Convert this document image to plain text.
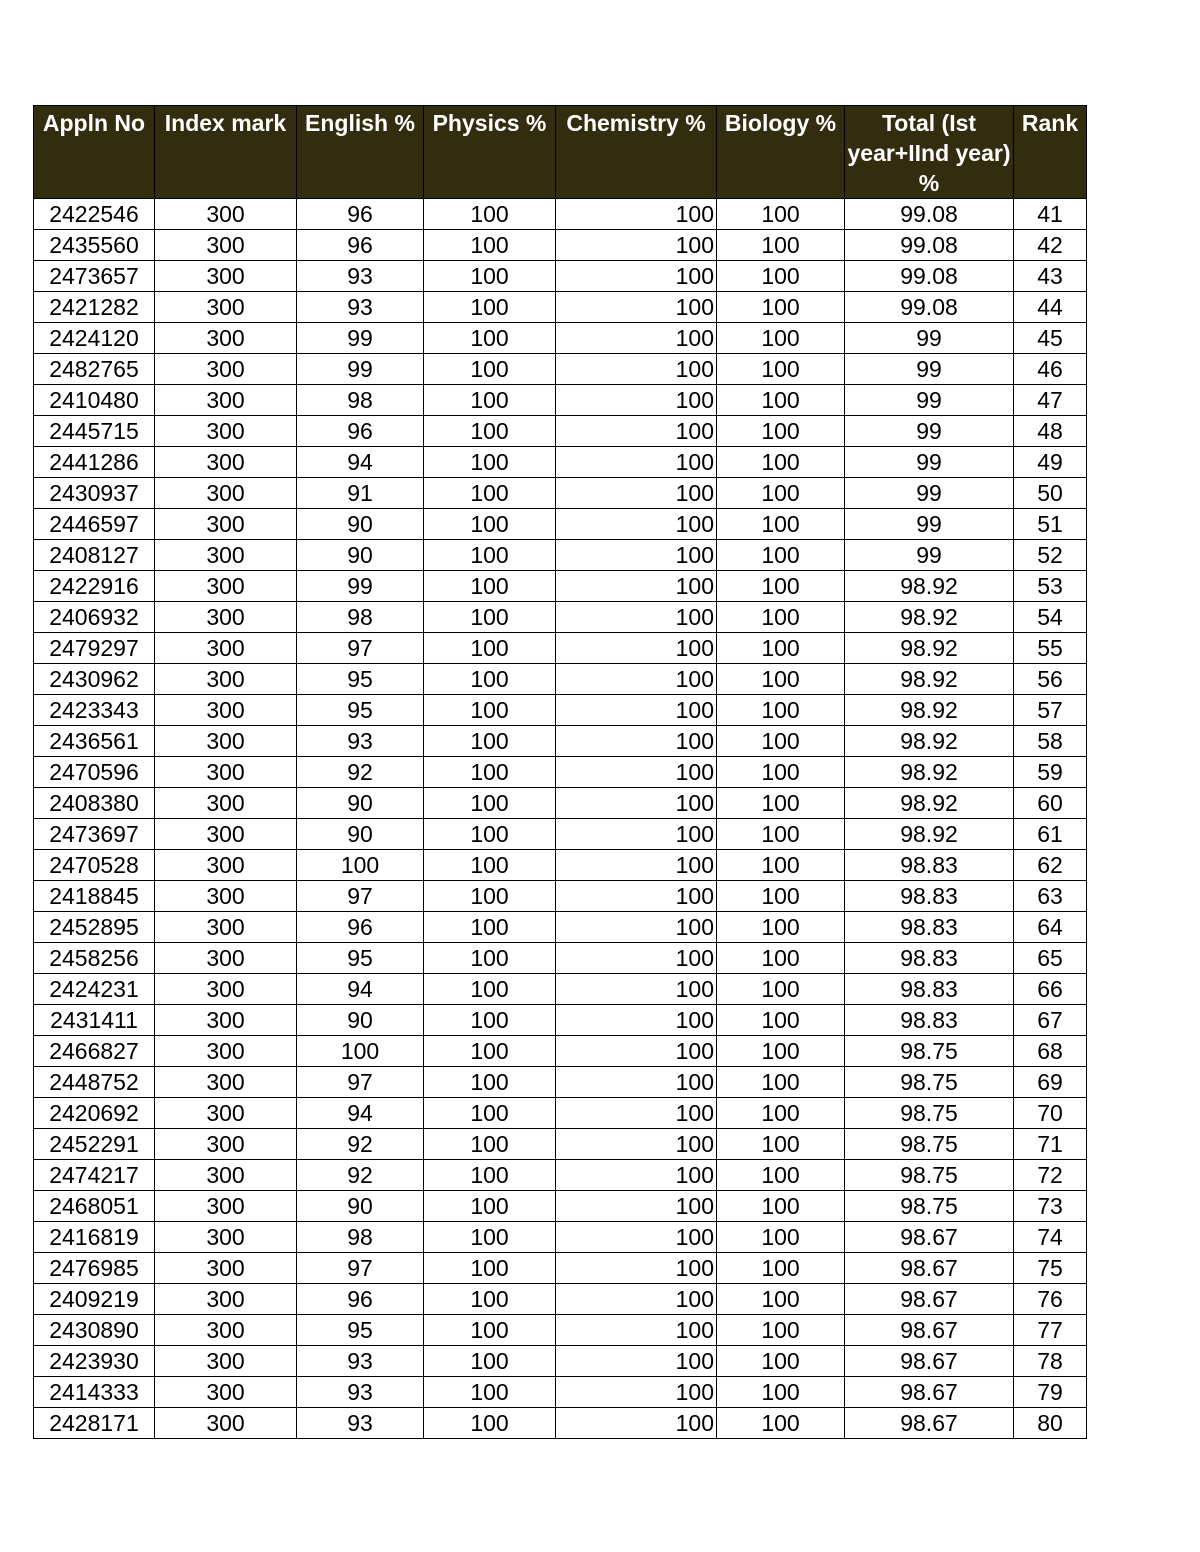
Appln No	Index mark	English %	Physics %	Chemistry %	Biology %	Total (Ist year+IInd year) %	Rank
2422546	300	96	100	100	100	99.08	41
2435560	300	96	100	100	100	99.08	42
2473657	300	93	100	100	100	99.08	43
2421282	300	93	100	100	100	99.08	44
2424120	300	99	100	100	100	99	45
2482765	300	99	100	100	100	99	46
2410480	300	98	100	100	100	99	47
2445715	300	96	100	100	100	99	48
2441286	300	94	100	100	100	99	49
2430937	300	91	100	100	100	99	50
2446597	300	90	100	100	100	99	51
2408127	300	90	100	100	100	99	52
2422916	300	99	100	100	100	98.92	53
2406932	300	98	100	100	100	98.92	54
2479297	300	97	100	100	100	98.92	55
2430962	300	95	100	100	100	98.92	56
2423343	300	95	100	100	100	98.92	57
2436561	300	93	100	100	100	98.92	58
2470596	300	92	100	100	100	98.92	59
2408380	300	90	100	100	100	98.92	60
2473697	300	90	100	100	100	98.92	61
2470528	300	100	100	100	100	98.83	62
2418845	300	97	100	100	100	98.83	63
2452895	300	96	100	100	100	98.83	64
2458256	300	95	100	100	100	98.83	65
2424231	300	94	100	100	100	98.83	66
2431411	300	90	100	100	100	98.83	67
2466827	300	100	100	100	100	98.75	68
2448752	300	97	100	100	100	98.75	69
2420692	300	94	100	100	100	98.75	70
2452291	300	92	100	100	100	98.75	71
2474217	300	92	100	100	100	98.75	72
2468051	300	90	100	100	100	98.75	73
2416819	300	98	100	100	100	98.67	74
2476985	300	97	100	100	100	98.67	75
2409219	300	96	100	100	100	98.67	76
2430890	300	95	100	100	100	98.67	77
2423930	300	93	100	100	100	98.67	78
2414333	300	93	100	100	100	98.67	79
2428171	300	93	100	100	100	98.67	80
